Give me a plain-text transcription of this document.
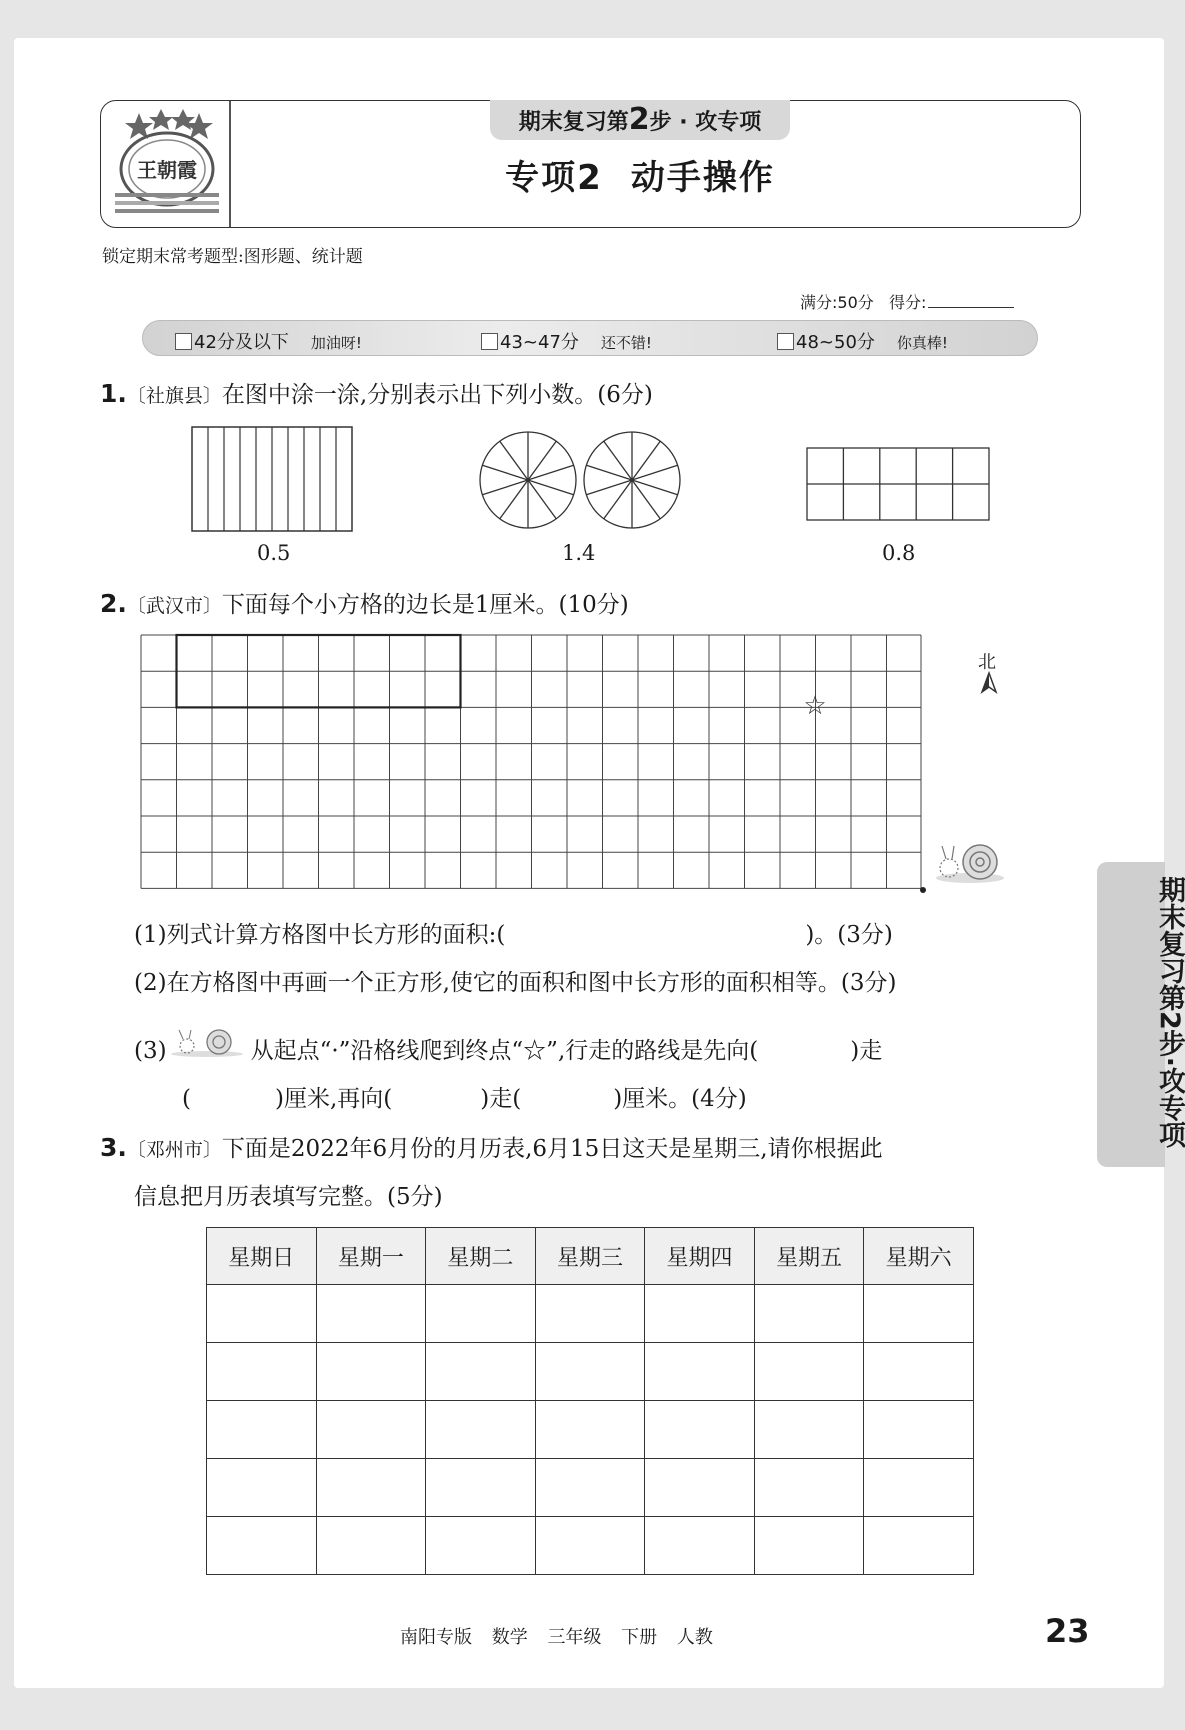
王朝霞
期末复习第2步 · 攻专项
专项2 动手操作
锁定期末常考题型:图形题、统计题
满分:50分 得分:
42分及以下 加油呀!	43~47分 还不错!	48~50分 你真棒!
1.〔社旗县〕在图中涂一涂,分别表示出下列小数。(6分)
0.5	1.4	0.8
2.〔武汉市〕下面每个小方格的边长是1厘米。(10分)
☆
北
(1)列式计算方格图中长方形的面积:(	)。(3分)
(2)在方格图中再画一个正方形,使它的面积和图中长方形的面积相等。(3分)
(3)	从起点“·”沿格线爬到终点“☆”,行走的路线是先向(	)走
(	)厘米,再向(	)走(	)厘米。(4分)	期末复习第2步·攻专项
3.〔邓州市〕下面是2022年6月份的月历表,6月15日这天是星期三,请你根据此
信息把月历表填写完整。(5分)
星期日	星期一	星期二	星期三	星期四	星期五	星期六

南阳专版 数学 三年级 下册 人教	23
